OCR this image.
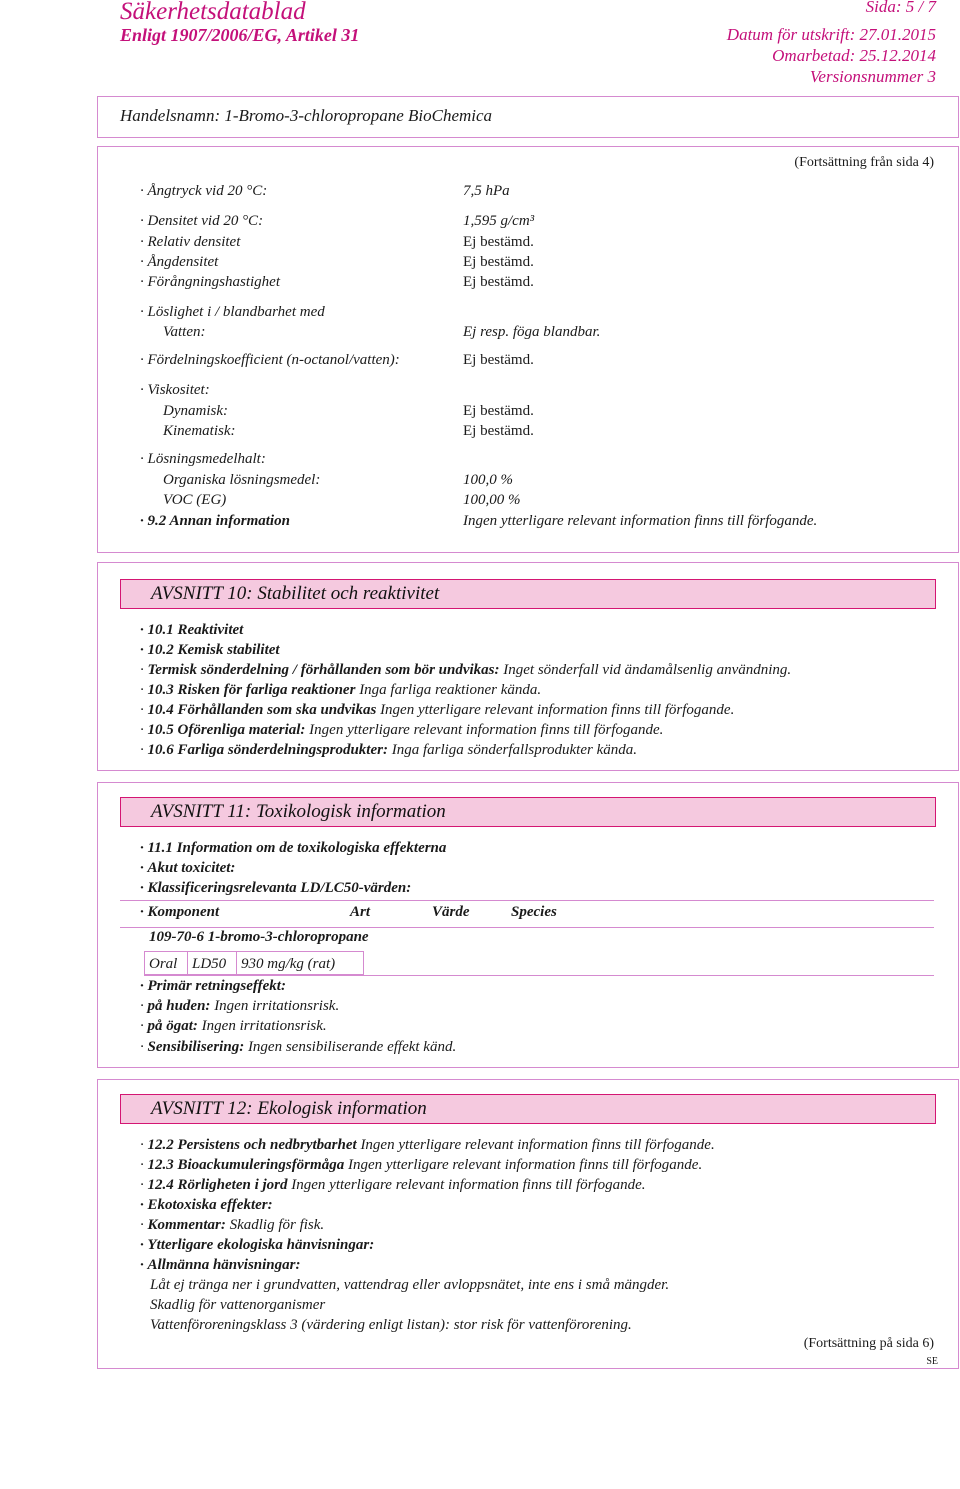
Säkerhetsdatablad
Enligt 1907/2006/EG, Artikel 31
Sida: 5 / 7
Datum för utskrift: 27.01.2015
Omarbetad: 25.12.2014
Versionsnummer 3
Handelsnamn: 1-Bromo-3-chloropropane BioChemica
(Fortsättning från sida 4)
· Ångtryck vid 20 °C:	7,5 hPa
· Densitet vid 20 °C:	1,595 g/cm³
· Relativ densitet	Ej bestämd.
· Ångdensitet	Ej bestämd.
· Förångningshastighet	Ej bestämd.
· Löslighet i / blandbarhet med
Vatten:	Ej resp. föga blandbar.
· Fördelningskoefficient (n-octanol/vatten):	Ej bestämd.
· Viskositet:
Dynamisk:	Ej bestämd.
Kinematisk:	Ej bestämd.
· Lösningsmedelhalt:
Organiska lösningsmedel:	100,0 %
VOC (EG)	100,00 %
· 9.2 Annan information	Ingen ytterligare relevant information finns till förfogande.
AVSNITT 10: Stabilitet och reaktivitet
· 10.1 Reaktivitet
· 10.2 Kemisk stabilitet
· Termisk sönderdelning / förhållanden som bör undvikas: Inget sönderfall vid ändamålsenlig användning.
· 10.3 Risken för farliga reaktioner Inga farliga reaktioner kända.
· 10.4 Förhållanden som ska undvikas Ingen ytterligare relevant information finns till förfogande.
· 10.5 Oförenliga material: Ingen ytterligare relevant information finns till förfogande.
· 10.6 Farliga sönderdelningsprodukter: Inga farliga sönderfallsprodukter kända.
AVSNITT 11: Toxikologisk information
· 11.1 Information om de toxikologiska effekterna
· Akut toxicitet:
· Klassificeringsrelevanta LD/LC50-värden:
· Komponent	Art	Värde	Species
109-70-6 1-bromo-3-chloropropane
Oral LD50 930 mg/kg (rat)
· Primär retningseffekt:
· på huden: Ingen irritationsrisk.
· på ögat: Ingen irritationsrisk.
· Sensibilisering: Ingen sensibiliserande effekt känd.
AVSNITT 12: Ekologisk information
· 12.2 Persistens och nedbrytbarhet Ingen ytterligare relevant information finns till förfogande.
· 12.3 Bioackumuleringsförmåga Ingen ytterligare relevant information finns till förfogande.
· 12.4 Rörligheten i jord Ingen ytterligare relevant information finns till förfogande.
· Ekotoxiska effekter:
· Kommentar: Skadlig för fisk.
· Ytterligare ekologiska hänvisningar:
· Allmänna hänvisningar:
Låt ej tränga ner i grundvatten, vattendrag eller avloppsnätet, inte ens i små mängder.
Skadlig för vattenorganismer
Vattenföroreningsklass 3 (värdering enligt listan): stor risk för vattenförorening.
(Fortsättning på sida 6)
SE
